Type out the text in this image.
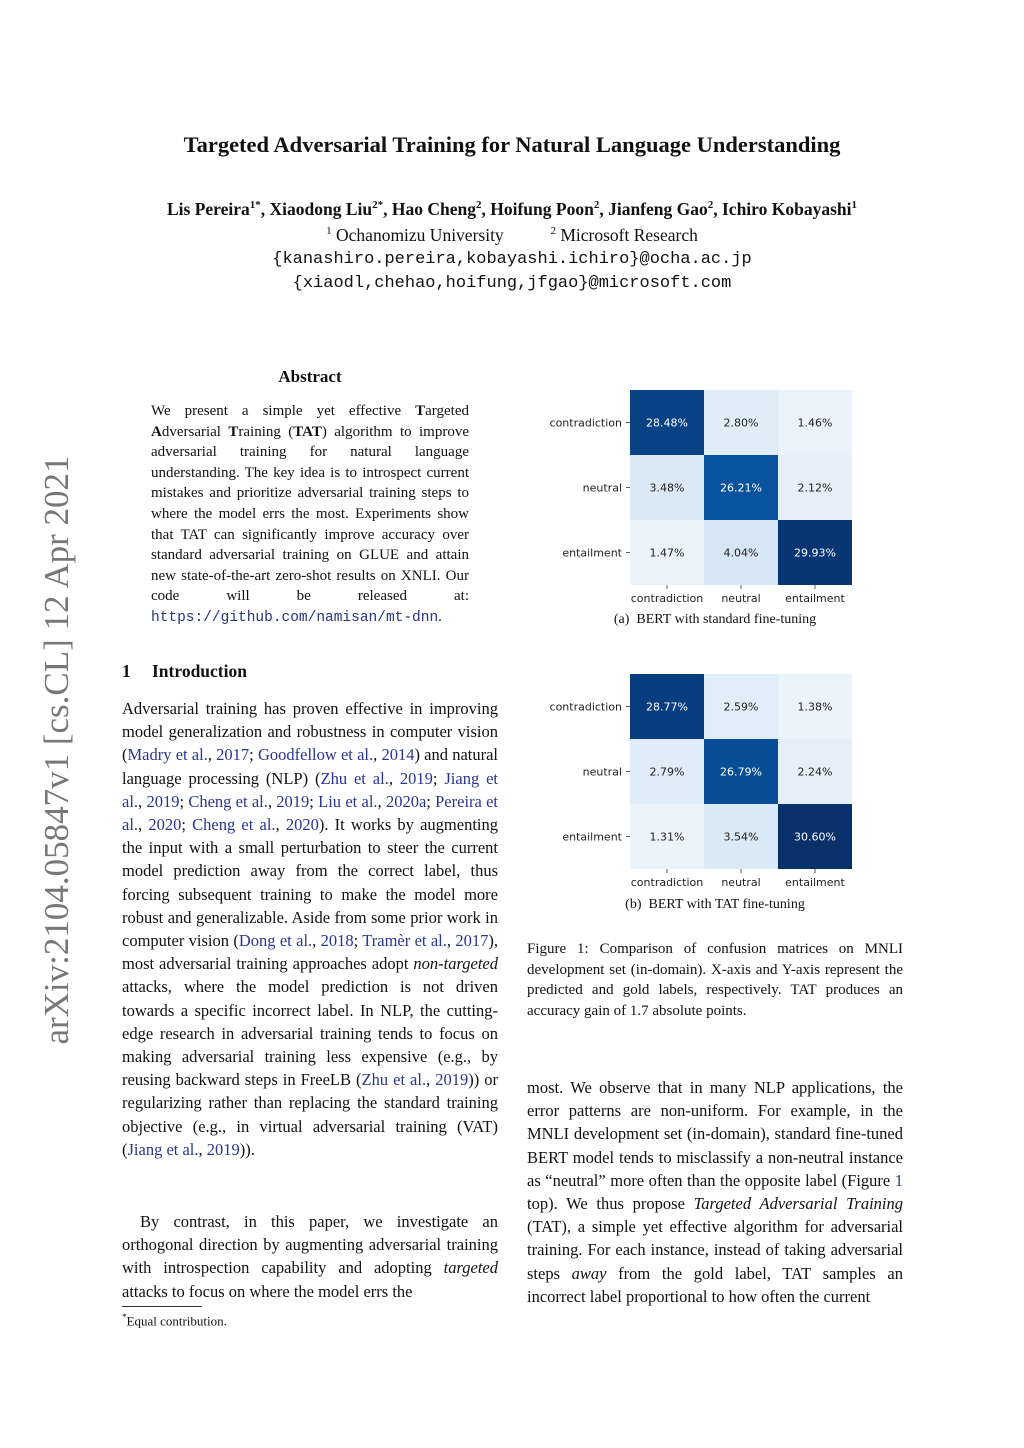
Targeted Adversarial Training for Natural Language Understanding
Lis Pereira$^{1*}$, Xiaodong Liu$^{2*}$, Hao Cheng$^2$, Hoifung Poon$^2$, Jianfeng Gao$^2$, Ichiro Kobayashi$^1$
$^1$ Ochanomizu University	$^2$ Microsoft Research
{kanashiro.pereira,kobayashi.ichiro}@ocha.ac.jp
{xiaodl,chehao,hoifung,jfgao}@microsoft.com
arXiv:2104.05847v1 [cs.CL] 12 Apr 2021
Abstract
We present a simple yet effective Targeted Adversarial Training (TAT) algorithm to improve adversarial training for natural language understanding. The key idea is to introspect current mistakes and prioritize adversarial training steps to where the model errs the most. Experiments show that TAT can significantly improve accuracy over standard adversarial training on GLUE and attain new state-of-the-art zero-shot results on XNLI. Our code will be released at: https://github.com/namisan/mt-dnn.
1 Introduction
Adversarial training has proven effective in improving model generalization and robustness in computer vision (Madry et al., 2017; Goodfellow et al., 2014) and natural language processing (NLP) (Zhu et al., 2019; Jiang et al., 2019; Cheng et al., 2019; Liu et al., 2020a; Pereira et al., 2020; Cheng et al., 2020). It works by augmenting the input with a small perturbation to steer the current model prediction away from the correct label, thus forcing subsequent training to make the model more robust and generalizable. Aside from some prior work in computer vision (Dong et al., 2018; Tramèr et al., 2017), most adversarial training approaches adopt non-targeted attacks, where the model prediction is not driven towards a specific incorrect label. In NLP, the cutting-edge research in adversarial training tends to focus on making adversarial training less expensive (e.g., by reusing backward steps in FreeLB (Zhu et al., 2019)) or regularizing rather than replacing the standard training objective (e.g., in virtual adversarial training (VAT) (Jiang et al., 2019)).

By contrast, in this paper, we investigate an orthogonal direction by augmenting adversarial training with introspection capability and adopting targeted attacks to focus on where the model errs the

*Equal contribution.
28.48%	2.80%	1.46%
contradiction
3.48%	26.21%	2.12%
neutral
1.47%	4.04%	29.93%
entailment
contradiction neutral entailment
(a) BERT with standard fine-tuning
28.77%	2.59%	1.38%
contradiction
2.79%	26.79%	2.24%
neutral
1.31%	3.54%	30.60%
entailment
contradiction neutral entailment
(b) BERT with TAT fine-tuning
Figure 1: Comparison of confusion matrices on MNLI development set (in-domain). X-axis and Y-axis represent the predicted and gold labels, respectively. TAT produces an accuracy gain of 1.7 absolute points.
most. We observe that in many NLP applications, the error patterns are non-uniform. For example, in the MNLI development set (in-domain), standard fine-tuned BERT model tends to misclassify a non-neutral instance as “neutral” more often than the opposite label (Figure 1 top). We thus propose Targeted Adversarial Training (TAT), a simple yet effective algorithm for adversarial training. For each instance, instead of taking adversarial steps away from the gold label, TAT samples an incorrect label proportional to how often the current
